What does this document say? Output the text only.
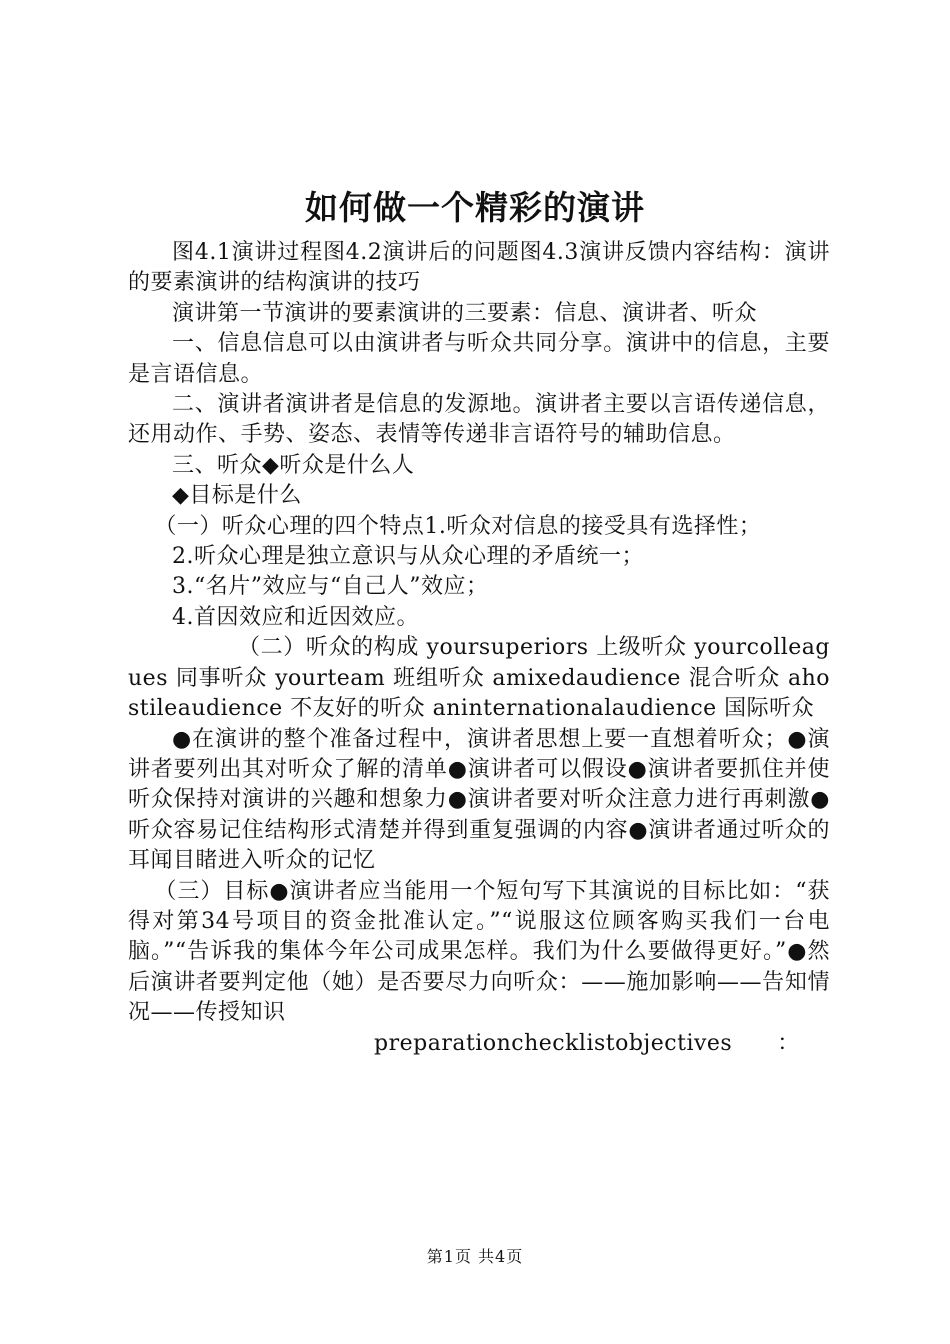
如何做一个精彩的演讲

图4.1演讲过程图4.2演讲后的问题图4.3演讲反馈内容结构：演讲的要素演讲的结构演讲的技巧

演讲第一节演讲的要素演讲的三要素：信息、演讲者、听众

一、信息信息可以由演讲者与听众共同分享。演讲中的信息，主要是言语信息。

二、演讲者演讲者是信息的发源地。演讲者主要以言语传递信息，还用动作、手势、姿态、表情等传递非言语符号的辅助信息。

三、听众◆听众是什么人

◆目标是什么

（一）听众心理的四个特点1.听众对信息的接受具有选择性；

2.听众心理是独立意识与从众心理的矛盾统一；

3.“名片”效应与“自己人”效应；

4.首因效应和近因效应。

（二）听众的构成 yoursuperiors 上级听众 yourcolleagues 同事听众 yourteam 班组听众 amixedaudience 混合听众 ahostileaudience 不友好的听众 aninternationalaudience 国际听众

●在演讲的整个准备过程中，演讲者思想上要一直想着听众；●演讲者要列出其对听众了解的清单●演讲者可以假设●演讲者要抓住并使听众保持对演讲的兴趣和想象力●演讲者要对听众注意力进行再刺激●听众容易记住结构形式清楚并得到重复强调的内容●演讲者通过听众的耳闻目睹进入听众的记忆

（三）目标●演讲者应当能用一个短句写下其演说的目标比如：“获得对第34号项目的资金批准认定。”“说服这位顾客购买我们一台电脑。”“告诉我的集体今年公司成果怎样。我们为什么要做得更好。”●然后演讲者要判定他（她）是否要尽力向听众：——施加影响——告知情况——传授知识

preparationchecklistobjectives　　：

第1页 共4页
